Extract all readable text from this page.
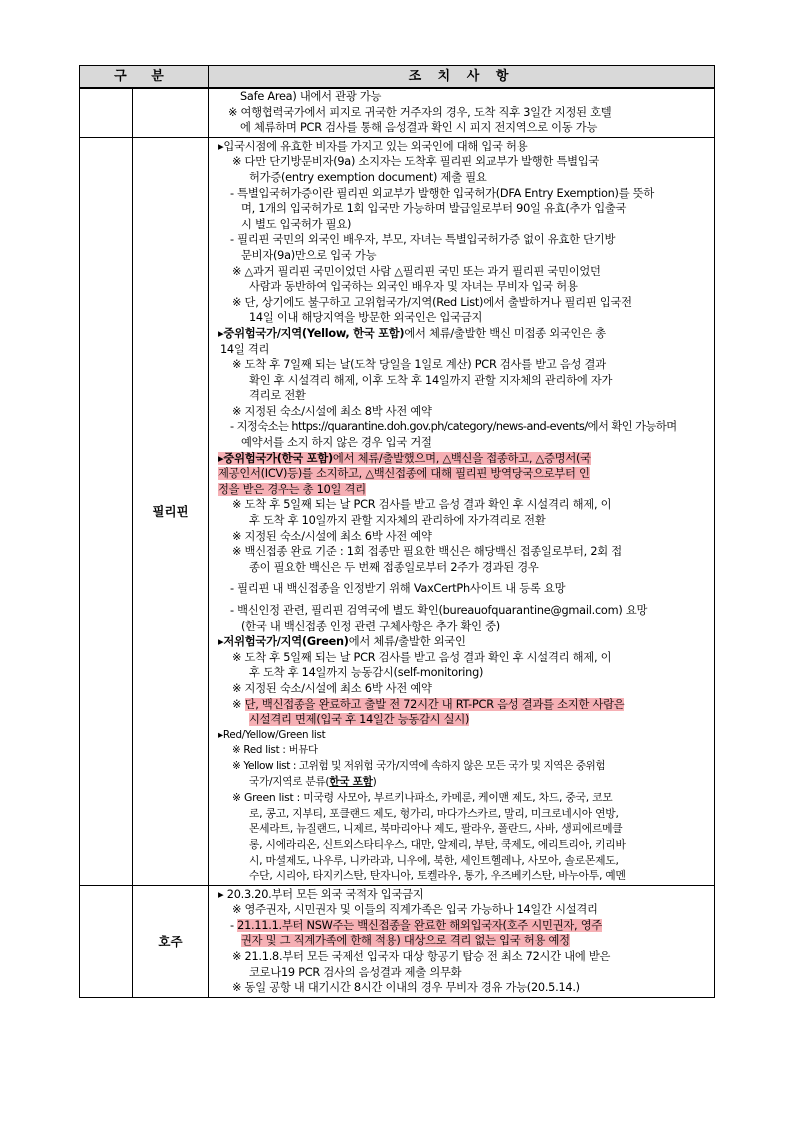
구 분	조 치 사 항
Safe Area) 내에서 관광 가능
※ 여행협력국가에서 피지로 귀국한 거주자의 경우, 도착 직후 3일간 지정된 호텔
에 체류하며 PCR 검사를 통해 음성결과 확인 시 피지 전지역으로 이동 가능
필리핀
▸입국시점에 유효한 비자를 가지고 있는 외국인에 대해 입국 허용
※ 다만 단기방문비자(9a) 소지자는 도착후 필리핀 외교부가 발행한 특별입국
허가증(entry exemption document) 제출 필요
- 특별입국허가증이란 필리핀 외교부가 발행한 입국허가(DFA Entry Exemption)를 뜻하
며, 1개의 입국허가로 1회 입국만 가능하며 발급일로부터 90일 유효(추가 입출국
시 별도 입국허가 필요)
- 필리핀 국민의 외국인 배우자, 부모, 자녀는 특별입국허가증 없이 유효한 단기방
문비자(9a)만으로 입국 가능
※ △과거 필리핀 국민이었던 사람 △필리핀 국민 또는 과거 필리핀 국민이었던
사람과 동반하여 입국하는 외국인 배우자 및 자녀는 무비자 입국 허용
※ 단, 상기에도 불구하고 고위험국가/지역(Red List)에서 출발하거나 필리핀 입국전
14일 이내 해당지역을 방문한 외국인은 입국금지
▸중위험국가/지역(Yellow, 한국 포함)에서 체류/출발한 백신 미접종 외국인은 총
14일 격리
※ 도착 후 7일째 되는 날(도착 당일을 1일로 계산) PCR 검사를 받고 음성 결과
확인 후 시설격리 해제, 이후 도착 후 14일까지 관할 지자체의 관리하에 자가
격리로 전환
※ 지정된 숙소/시설에 최소 8박 사전 예약
- 지정숙소는 https://quarantine.doh.gov.ph/category/news-and-events/에서 확인 가능하며
예약서를 소지 하지 않은 경우 입국 거절
▸중위험국가(한국 포함)에서 체류/출발했으며, △백신을 접종하고, △증명서(국
제공인서(ICV)등)를 소지하고, △백신접종에 대해 필리핀 방역당국으로부터 인
정을 받은 경우는 총 10일 격리
※ 도착 후 5일째 되는 날 PCR 검사를 받고 음성 결과 확인 후 시설격리 해제, 이
후 도착 후 10일까지 관할 지자체의 관리하에 자가격리로 전환
※ 지정된 숙소/시설에 최소 6박 사전 예약
※ 백신접종 완료 기준 : 1회 접종만 필요한 백신은 해당백신 접종일로부터, 2회 접
종이 필요한 백신은 두 번째 접종일로부터 2주가 경과된 경우
- 필리핀 내 백신접종을 인정받기 위해 VaxCertPh사이트 내 등록 요망
- 백신인정 관련, 필리핀 검역국에 별도 확인(bureauofquarantine@gmail.com) 요망
(한국 내 백신접종 인정 관련 구체사항은 추가 확인 중)
▸저위험국가/지역(Green)에서 체류/출발한 외국인
※ 도착 후 5일째 되는 날 PCR 검사를 받고 음성 결과 확인 후 시설격리 해제, 이
후 도착 후 14일까지 능동감시(self-monitoring)
※ 지정된 숙소/시설에 최소 6박 사전 예약
※ 단, 백신접종을 완료하고 출발 전 72시간 내 RT-PCR 음성 결과를 소지한 사람은
시설격리 면제(입국 후 14일간 능동감시 실시)
▸Red/Yellow/Green list
※ Red list : 버뮤다
※ Yellow list : 고위험 및 저위험 국가/지역에 속하지 않은 모든 국가 및 지역은 중위험
국가/지역로 분류(한국 포함)
※ Green list : 미국령 사모아, 부르키나파소, 카메룬, 케이맨 제도, 차드, 중국, 코모
로, 콩고, 지부티, 포클랜드 제도, 헝가리, 마다가스카르, 말리, 미크로네시아 연방,
몬세라트, 뉴질랜드, 니제르, 북마리아나 제도, 팔라우, 폴란드, 사바, 생피에르메클
롱, 시에라리온, 신트외스타티우스, 대만, 알제리, 부탄, 쿡제도, 에리트리아, 키리바
시, 마셜제도, 나우루, 니카라과, 니우에, 북한, 세인트헬레나, 사모아, 솔로몬제도,
수단, 시리아, 타지키스탄, 탄자니아, 토켈라우, 통가, 우즈베키스탄, 바누아투, 예멘
호주
▸ 20.3.20.부터 모든 외국 국적자 입국금지
※ 영주권자, 시민권자 및 이들의 직계가족은 입국 가능하나 14일간 시설격리
- 21.11.1.부터 NSW주는 백신접종을 완료한 해외입국자(호주 시민권자, 영주
권자 및 그 직계가족에 한해 적용) 대상으로 격리 없는 입국 허용 예정
※ 21.1.8.부터 모든 국제선 입국자 대상 항공기 탑승 전 최소 72시간 내에 받은
코로나19 PCR 검사의 음성결과 제출 의무화
※ 동일 공항 내 대기시간 8시간 이내의 경우 무비자 경유 가능(20.5.14.)
